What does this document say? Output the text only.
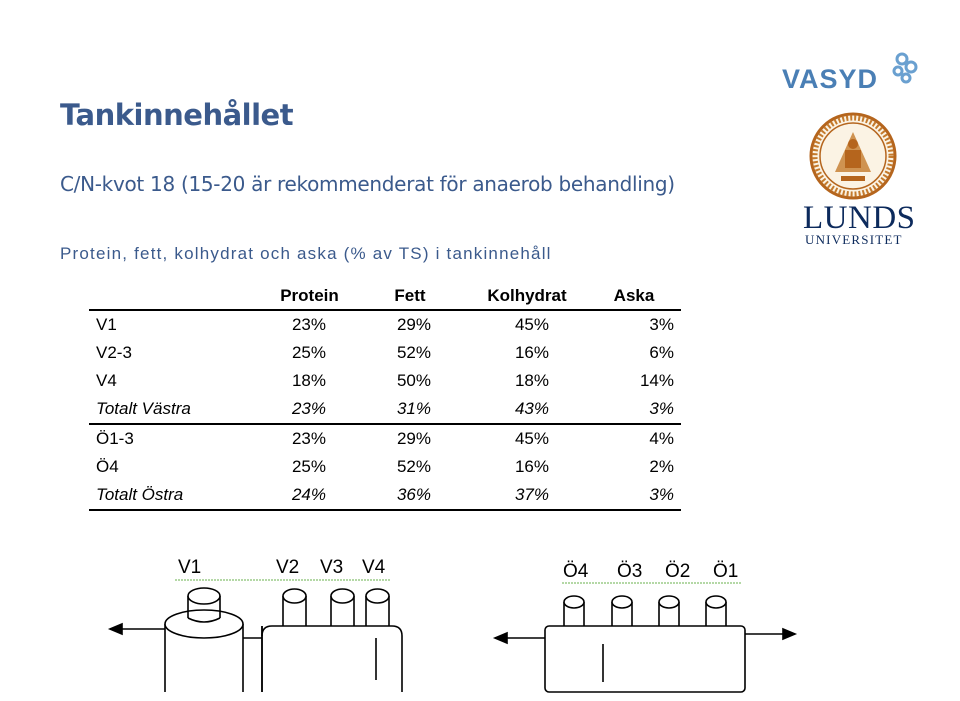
Tankinnehållet
C/N-kvot 18 (15-20 är rekommenderat för anaerob behandling)
Protein, fett, kolhydrat och aska (% av TS) i tankinnehåll
	Protein	Fett	Kolhydrat	Aska
V1	23%	29%	45%	3%
V2-3	25%	52%	16%	6%
V4	18%	50%	18%	14%
Totalt Västra	23%	31%	43%	3%
Ö1-3	23%	29%	45%	4%
Ö4	25%	52%	16%	2%
Totalt Östra	24%	36%	37%	3%
VASYD
LUNDS
UNIVERSITET
V1	V2 V3 V4	Ö4 Ö3 Ö2 Ö1
